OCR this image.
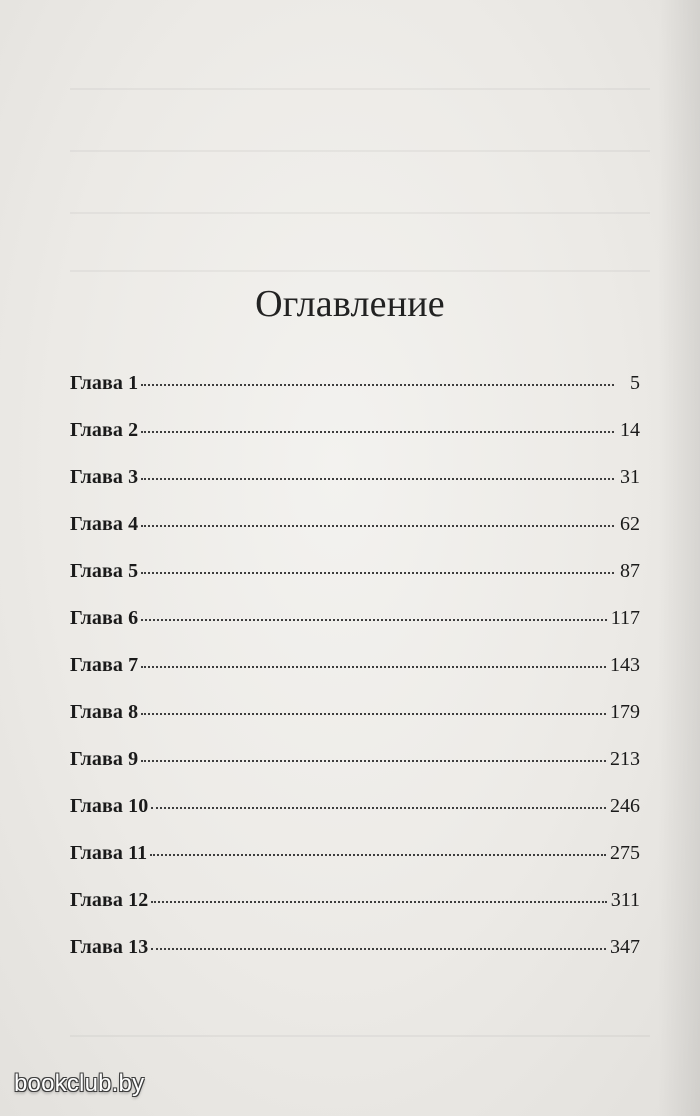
Оглавление
Глава 1	5
Глава 2	14
Глава 3	31
Глава 4	62
Глава 5	87
Глава 6	117
Глава 7	143
Глава 8	179
Глава 9	213
Глава 10	246
Глава 11	275
Глава 12	311
Глава 13	347
bookclub.by
